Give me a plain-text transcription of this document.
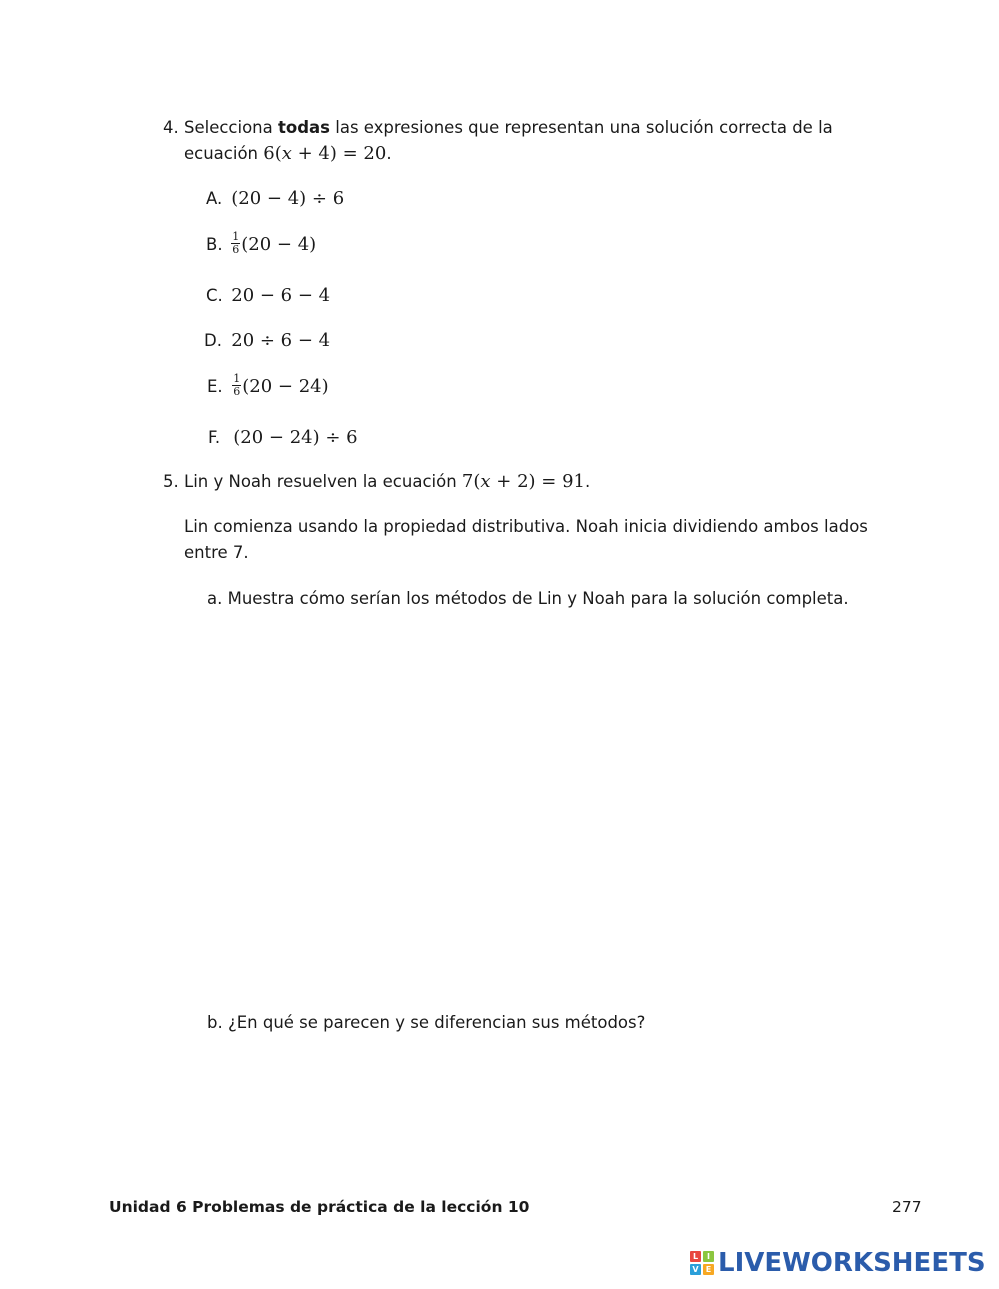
4. Selecciona todas las expresiones que representan una solución correcta de la
ecuación 6(x + 4) = 20.
A. (20 − 4) ÷ 6
B. $\frac{1}{6} (20 - 4)$
C. 20 − 6 − 4
D. 20 ÷ 6 − 4
E. $\frac{1}{6} (20 - 24)$
F. (20 − 24) ÷ 6
5. Lin y Noah resuelven la ecuación 7(x + 2) = 91.
Lin comienza usando la propiedad distributiva. Noah inicia dividiendo ambos lados
entre 7.
a. Muestra cómo serían los métodos de Lin y Noah para la solución completa.
b. ¿En qué se parecen y se diferencian sus métodos?
Unidad 6 Problemas de práctica de la lección 10	277
L	I
V E LIVEWORKSHEETS
